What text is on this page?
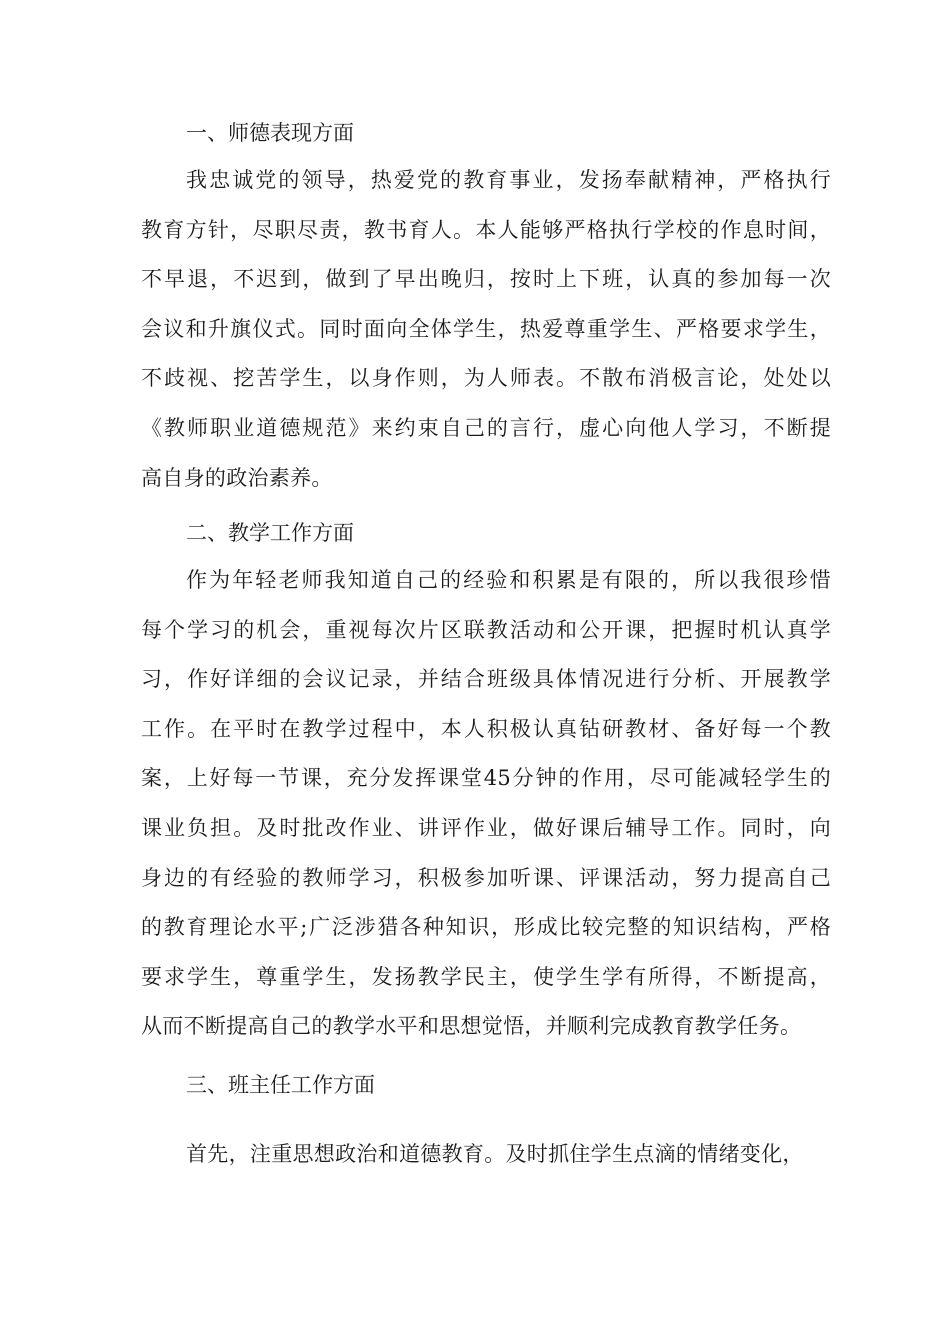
一、师德表现方面
我忠诚党的领导，热爱党的教育事业，发扬奉献精神，严格执行
教育方针，尽职尽责，教书育人。本人能够严格执行学校的作息时间，
不早退，不迟到，做到了早出晚归，按时上下班，认真的参加每一次
会议和升旗仪式。同时面向全体学生，热爱尊重学生、严格要求学生，
不歧视、挖苦学生，以身作则，为人师表。不散布消极言论，处处以
《教师职业道德规范》来约束自己的言行，虚心向他人学习，不断提
高自身的政治素养。
二、教学工作方面
作为年轻老师我知道自己的经验和积累是有限的，所以我很珍惜
每个学习的机会，重视每次片区联教活动和公开课，把握时机认真学
习，作好详细的会议记录，并结合班级具体情况进行分析、开展教学
工作。在平时在教学过程中，本人积极认真钻研教材、备好每一个教
案，上好每一节课，充分发挥课堂45分钟的作用，尽可能减轻学生的
课业负担。及时批改作业、讲评作业，做好课后辅导工作。同时，向
身边的有经验的教师学习，积极参加听课、评课活动，努力提高自己
的教育理论水平;广泛涉猎各种知识，形成比较完整的知识结构，严格
要求学生，尊重学生，发扬教学民主，使学生学有所得，不断提高，
从而不断提高自己的教学水平和思想觉悟，并顺利完成教育教学任务。
三、班主任工作方面
首先，注重思想政治和道德教育。及时抓住学生点滴的情绪变化，
